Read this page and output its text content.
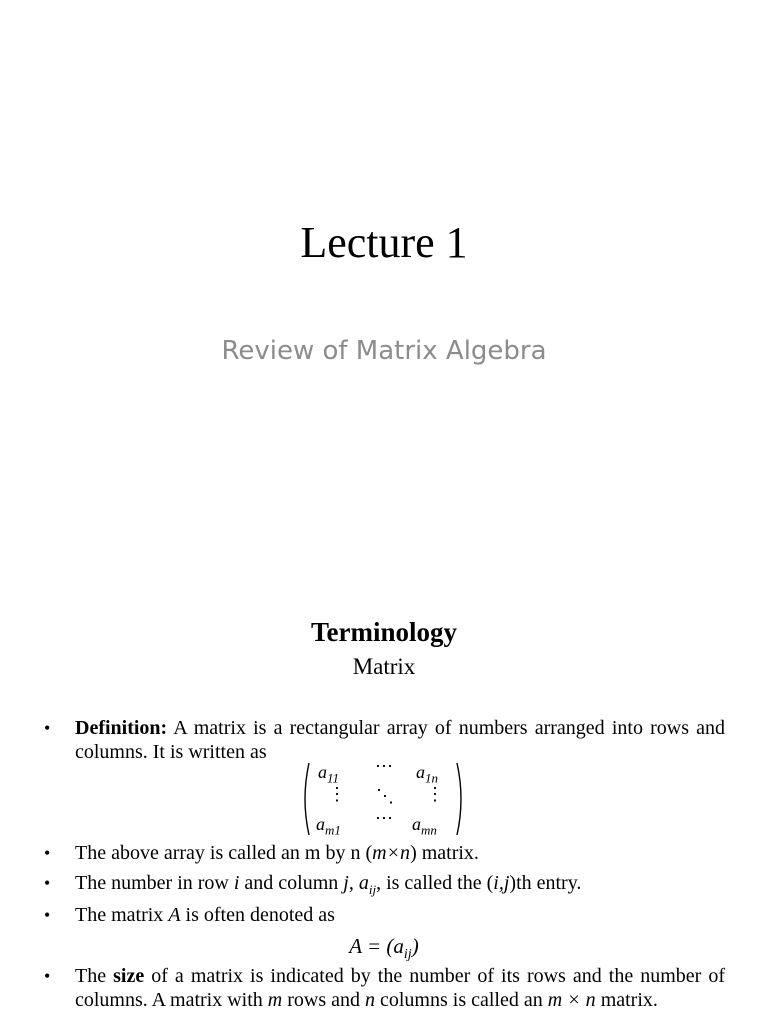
Lecture 1
Review of Matrix Algebra
Terminology
Matrix
• Definition: A matrix is a rectangular array of numbers arranged into rows and columns. It is written as
$a_{11}$
⋯ $a_{1n}$
⋮ ⋱ ⋮
$a_{m1}$
⋯ $a_{mn}$
• The above array is called an m by n (m×n) matrix.
• The number in row i and column j, $a_{ij}$, is called the (i,j)th entry.
• The matrix A is often denoted as
$A = (a_{ij})$
• The size of a matrix is indicated by the number of its rows and the number of columns. A matrix with m rows and n columns is called an m × n matrix.
